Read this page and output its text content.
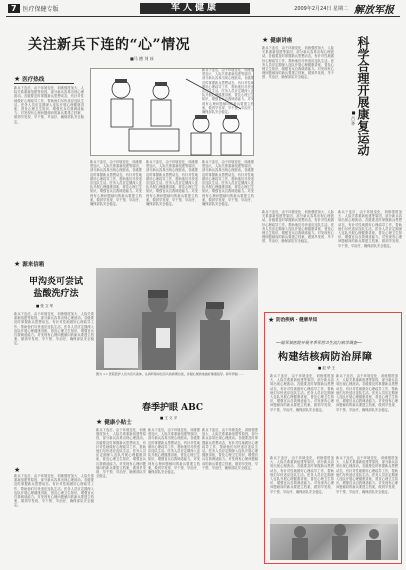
7 医疗保健专版	军人健康	2009年2月24日 星期二 解放军报
关注新兵下连的“心”情况
■马 德 刘 冰
★ 医疗热线
新兵下连后，由于环境变化、训练强度加大、人际关系重新组建等原因，部分新兵容易出现心理波动。各级要及时掌握新兵思想动态，有针对性地做好心理疏导工作，帮助他们尽快适应连队生活。医务人员应定期深入连队开展心理健康讲座，普及心理卫生知识，增强官兵自我调适能力。对发现有心理问题倾向的新兵要建立档案，做到早发现、早干预、早治疗，确保部队安全稳定。
新兵下连后，由于环境变化、训练强度加大、人际关系重新组建等原因，部分新兵容易出现心理波动。各级要及时掌握新兵思想动态，有针对性地做好心理疏导工作，帮助他们尽快适应连队生活。医务人员应定期深入连队开展心理健康讲座，普及心理卫生知识，增强官兵自我调适能力。对发现有心理问题倾向的新兵要建立档案，做到早发现、早干预、早治疗，确保部队安全稳定。
新兵下连后，由于环境变化、训练强度加大、人际关系重新组建等原因，部分新兵容易出现心理波动。各级要及时掌握新兵思想动态，有针对性地做好心理疏导工作，帮助他们尽快适应连队生活。医务人员应定期深入连队开展心理健康讲座，普及心理卫生知识，增强官兵自我调适能力。对发现有心理问题倾向的新兵要建立档案，做到早发现、早干预、早治疗，确保部队安全稳定。
新兵下连后，由于环境变化、训练强度加大、人际关系重新组建等原因，部分新兵容易出现心理波动。各级要及时掌握新兵思想动态，有针对性地做好心理疏导工作，帮助他们尽快适应连队生活。医务人员应定期深入连队开展心理健康讲座，普及心理卫生知识，增强官兵自我调适能力。对发现有心理问题倾向的新兵要建立档案，做到早发现、早干预、早治疗，确保部队安全稳定。
新兵下连后，由于环境变化、训练强度加大、人际关系重新组建等原因，部分新兵容易出现心理波动。各级要及时掌握新兵思想动态，有针对性地做好心理疏导工作，帮助他们尽快适应连队生活。医务人员应定期深入连队开展心理健康讲座，普及心理卫生知识，增强官兵自我调适能力。对发现有心理问题倾向的新兵要建立档案，做到早发现、早干预、早治疗，确保部队安全稳定。
★ 健康讲座
新兵下连后，由于环境变化、训练强度加大、人际关系重新组建等原因，部分新兵容易出现心理波动。各级要及时掌握新兵思想动态，有针对性地做好心理疏导工作，帮助他们尽快适应连队生活。医务人员应定期深入连队开展心理健康讲座，普及心理卫生知识，增强官兵自我调适能力。对发现有心理问题倾向的新兵要建立档案，做到早发现、早干预、早治疗，确保部队安全稳定。	科学合理开展康复运动
■ 吕 华
新兵下连后，由于环境变化、训练强度加大、人际关系重新组建等原因，部分新兵容易出现心理波动。各级要及时掌握新兵思想动态，有针对性地做好心理疏导工作，帮助他们尽快适应连队生活。医务人员应定期深入连队开展心理健康讲座，普及心理卫生知识，增强官兵自我调适能力。对发现有心理问题倾向的新兵要建立档案，做到早发现、早干预、早治疗，确保部队安全稳定。
新兵下连后，由于环境变化、训练强度加大、人际关系重新组建等原因，部分新兵容易出现心理波动。各级要及时掌握新兵思想动态，有针对性地做好心理疏导工作，帮助他们尽快适应连队生活。医务人员应定期深入连队开展心理健康讲座，普及心理卫生知识，增强官兵自我调适能力。对发现有心理问题倾向的新兵要建立档案，做到早发现、早干预、早治疗，确保部队安全稳定。
★ 源来信箱
甲沟炎可尝试
盐酸洗疗法
■ 张 文 军
新兵下连后，由于环境变化、训练强度加大、人际关系重新组建等原因，部分新兵容易出现心理波动。各级要及时掌握新兵思想动态，有针对性地做好心理疏导工作，帮助他们尽快适应连队生活。医务人员应定期深入连队开展心理健康讲座，普及心理卫生知识，增强官兵自我调适能力。对发现有心理问题倾向的新兵要建立档案，做到早发现、早干预、早治疗，确保部队安全稳定。
★
新兵下连后，由于环境变化、训练强度加大、人际关系重新组建等原因，部分新兵容易出现心理波动。各级要及时掌握新兵思想动态，有针对性地做好心理疏导工作，帮助他们尽快适应连队生活。医务人员应定期深入连队开展心理健康讲座，普及心理卫生知识，增强官兵自我调适能力。对发现有心理问题倾向的新兵要建立档案，做到早发现、早干预、早治疗，确保部队安全稳定。
图为 ×× 医院医护人员为官兵查体，认真听取每位官兵的病情自述，并耐心细致地做好健康指导。新年伊始……
春季护眼 ABC
■ 王 义 平
★ 健康小贴士
新兵下连后，由于环境变化、训练强度加大、人际关系重新组建等原因，部分新兵容易出现心理波动。各级要及时掌握新兵思想动态，有针对性地做好心理疏导工作，帮助他们尽快适应连队生活。医务人员应定期深入连队开展心理健康讲座，普及心理卫生知识，增强官兵自我调适能力。对发现有心理问题倾向的新兵要建立档案，做到早发现、早干预、早治疗，确保部队安全稳定。
新兵下连后，由于环境变化、训练强度加大、人际关系重新组建等原因，部分新兵容易出现心理波动。各级要及时掌握新兵思想动态，有针对性地做好心理疏导工作，帮助他们尽快适应连队生活。医务人员应定期深入连队开展心理健康讲座，普及心理卫生知识，增强官兵自我调适能力。对发现有心理问题倾向的新兵要建立档案，做到早发现、早干预、早治疗，确保部队安全稳定。
新兵下连后，由于环境变化、训练强度加大、人际关系重新组建等原因，部分新兵容易出现心理波动。各级要及时掌握新兵思想动态，有针对性地做好心理疏导工作，帮助他们尽快适应连队生活。医务人员应定期深入连队开展心理健康讲座，普及心理卫生知识，增强官兵自我调适能力。对发现有心理问题倾向的新兵要建立档案，做到早发现、早干预、早治疗，确保部队安全稳定。
★ 防治疾病 · 健康早知
──陆军某医院开展冬季军营卫生流行病学调查──
构建结核病防治屏障
■ 赵 华 王
新兵下连后，由于环境变化、训练强度加大、人际关系重新组建等原因，部分新兵容易出现心理波动。各级要及时掌握新兵思想动态，有针对性地做好心理疏导工作，帮助他们尽快适应连队生活。医务人员应定期深入连队开展心理健康讲座，普及心理卫生知识，增强官兵自我调适能力。对发现有心理问题倾向的新兵要建立档案，做到早发现、早干预、早治疗，确保部队安全稳定。
新兵下连后，由于环境变化、训练强度加大、人际关系重新组建等原因，部分新兵容易出现心理波动。各级要及时掌握新兵思想动态，有针对性地做好心理疏导工作，帮助他们尽快适应连队生活。医务人员应定期深入连队开展心理健康讲座，普及心理卫生知识，增强官兵自我调适能力。对发现有心理问题倾向的新兵要建立档案，做到早发现、早干预、早治疗，确保部队安全稳定。
新兵下连后，由于环境变化、训练强度加大、人际关系重新组建等原因，部分新兵容易出现心理波动。各级要及时掌握新兵思想动态，有针对性地做好心理疏导工作，帮助他们尽快适应连队生活。医务人员应定期深入连队开展心理健康讲座，普及心理卫生知识，增强官兵自我调适能力。对发现有心理问题倾向的新兵要建立档案，做到早发现、早干预、早治疗，确保部队安全稳定。
新兵下连后，由于环境变化、训练强度加大、人际关系重新组建等原因，部分新兵容易出现心理波动。各级要及时掌握新兵思想动态，有针对性地做好心理疏导工作，帮助他们尽快适应连队生活。医务人员应定期深入连队开展心理健康讲座，普及心理卫生知识，增强官兵自我调适能力。对发现有心理问题倾向的新兵要建立档案，做到早发现、早干预、早治疗，确保部队安全稳定。
